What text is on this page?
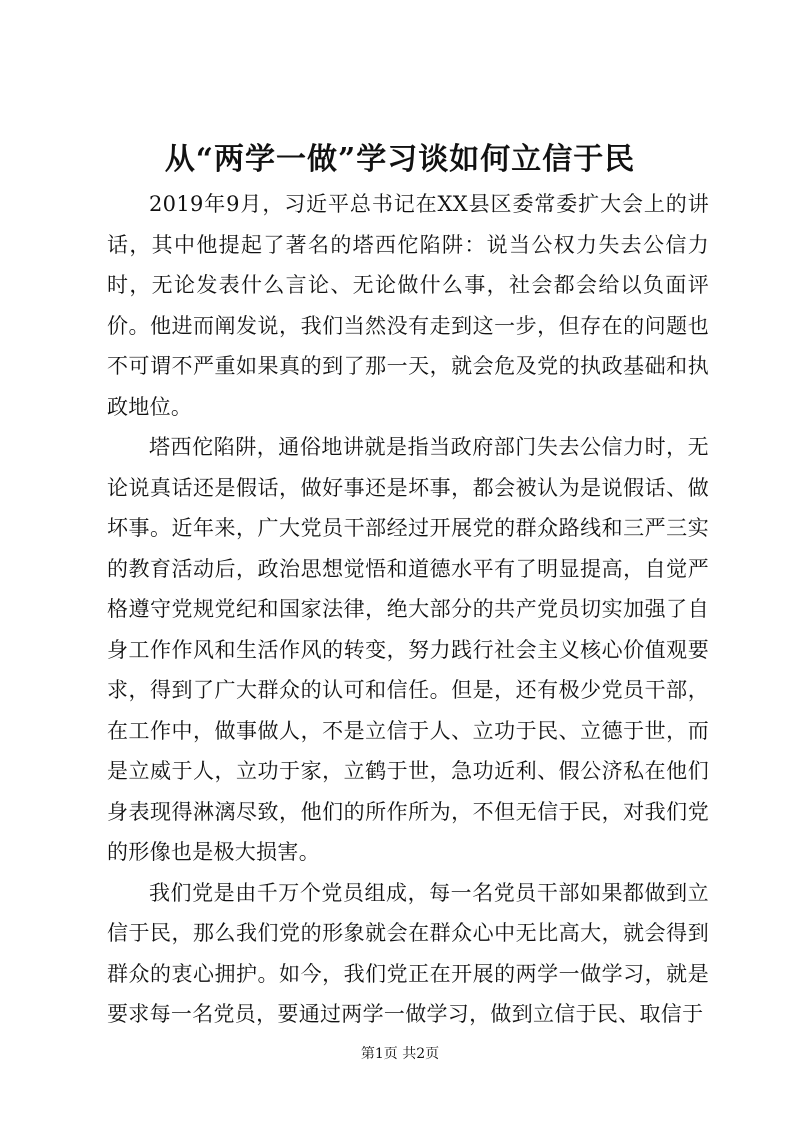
从“两学一做”学习谈如何立信于民

2019年9月，习近平总书记在XX县区委常委扩大会上的讲话，其中他提起了著名的塔西佗陷阱：说当公权力失去公信力时，无论发表什么言论、无论做什么事，社会都会给以负面评价。他进而阐发说，我们当然没有走到这一步，但存在的问题也不可谓不严重如果真的到了那一天，就会危及党的执政基础和执政地位。

塔西佗陷阱，通俗地讲就是指当政府部门失去公信力时，无论说真话还是假话，做好事还是坏事，都会被认为是说假话、做坏事。近年来，广大党员干部经过开展党的群众路线和三严三实的教育活动后，政治思想觉悟和道德水平有了明显提高，自觉严格遵守党规党纪和国家法律，绝大部分的共产党员切实加强了自身工作作风和生活作风的转变，努力践行社会主义核心价值观要求，得到了广大群众的认可和信任。但是，还有极少党员干部，在工作中，做事做人，不是立信于人、立功于民、立德于世，而是立威于人，立功于家，立鹤于世，急功近利、假公济私在他们身表现得淋漓尽致，他们的所作所为，不但无信于民，对我们党的形像也是极大损害。

我们党是由千万个党员组成，每一名党员干部如果都做到立信于民，那么我们党的形象就会在群众心中无比高大，就会得到群众的衷心拥护。如今，我们党正在开展的两学一做学习，就是要求每一名党员，要通过两学一做学习，做到立信于民、取信于

第1页 共2页
